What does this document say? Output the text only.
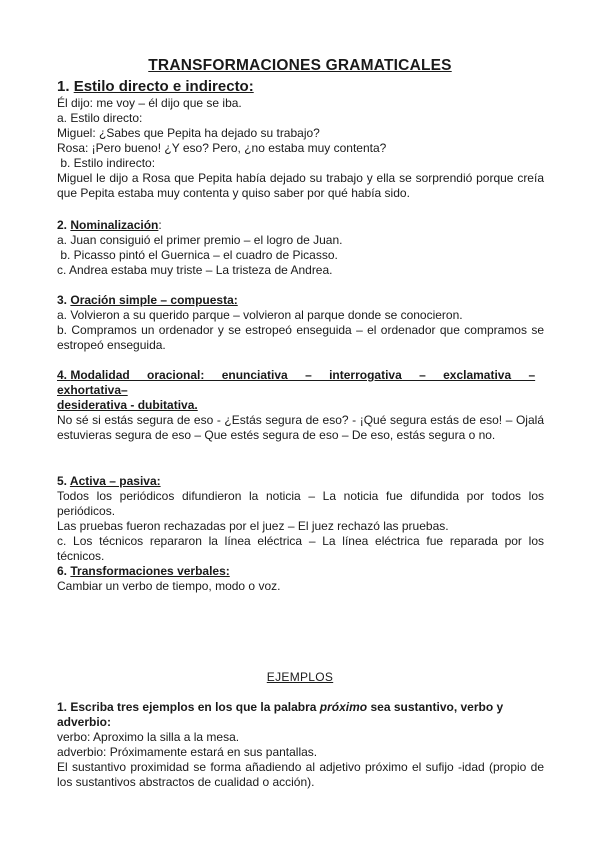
TRANSFORMACIONES GRAMATICALES
1. Estilo directo e indirecto:
Él dijo: me voy – él dijo que se iba.
a. Estilo directo:
Miguel: ¿Sabes que Pepita ha dejado su trabajo?
Rosa: ¡Pero bueno! ¿Y eso? Pero, ¿no estaba muy contenta?
b. Estilo indirecto:
Miguel le dijo a Rosa que Pepita había dejado su trabajo y ella se sorprendió porque creía que Pepita estaba muy contenta y quiso saber por qué había sido.
2. Nominalización:
a. Juan consiguió el primer premio – el logro de Juan.
b. Picasso pintó el Guernica – el cuadro de Picasso.
c. Andrea estaba muy triste – La tristeza de Andrea.
3. Oración simple – compuesta:
a. Volvieron a su querido parque – volvieron al parque donde se conocieron.
b. Compramos un ordenador y se estropeó enseguida – el ordenador que compramos se estropeó enseguida.
4. Modalidad oracional: enunciativa – interrogativa – exclamativa – exhortativa–
desiderativa - dubitativa.
No sé si estás segura de eso - ¿Estás segura de eso? - ¡Qué segura estás de eso! – Ojalá estuvieras segura de eso – Que estés segura de eso – De eso, estás segura o no.
5. Activa – pasiva:
Todos los periódicos difundieron la noticia – La noticia fue difundida por todos los periódicos.
Las pruebas fueron rechazadas por el juez – El juez rechazó las pruebas.
c. Los técnicos repararon la línea eléctrica – La línea eléctrica fue reparada por los técnicos.
6. Transformaciones verbales:
Cambiar un verbo de tiempo, modo o voz.
EJEMPLOS
1. Escriba tres ejemplos en los que la palabra próximo sea sustantivo, verbo y adverbio:
verbo: Aproximo la silla a la mesa.
adverbio: Próximamente estará en sus pantallas.
El sustantivo proximidad se forma añadiendo al adjetivo próximo el sufijo -idad (propio de los sustantivos abstractos de cualidad o acción).
